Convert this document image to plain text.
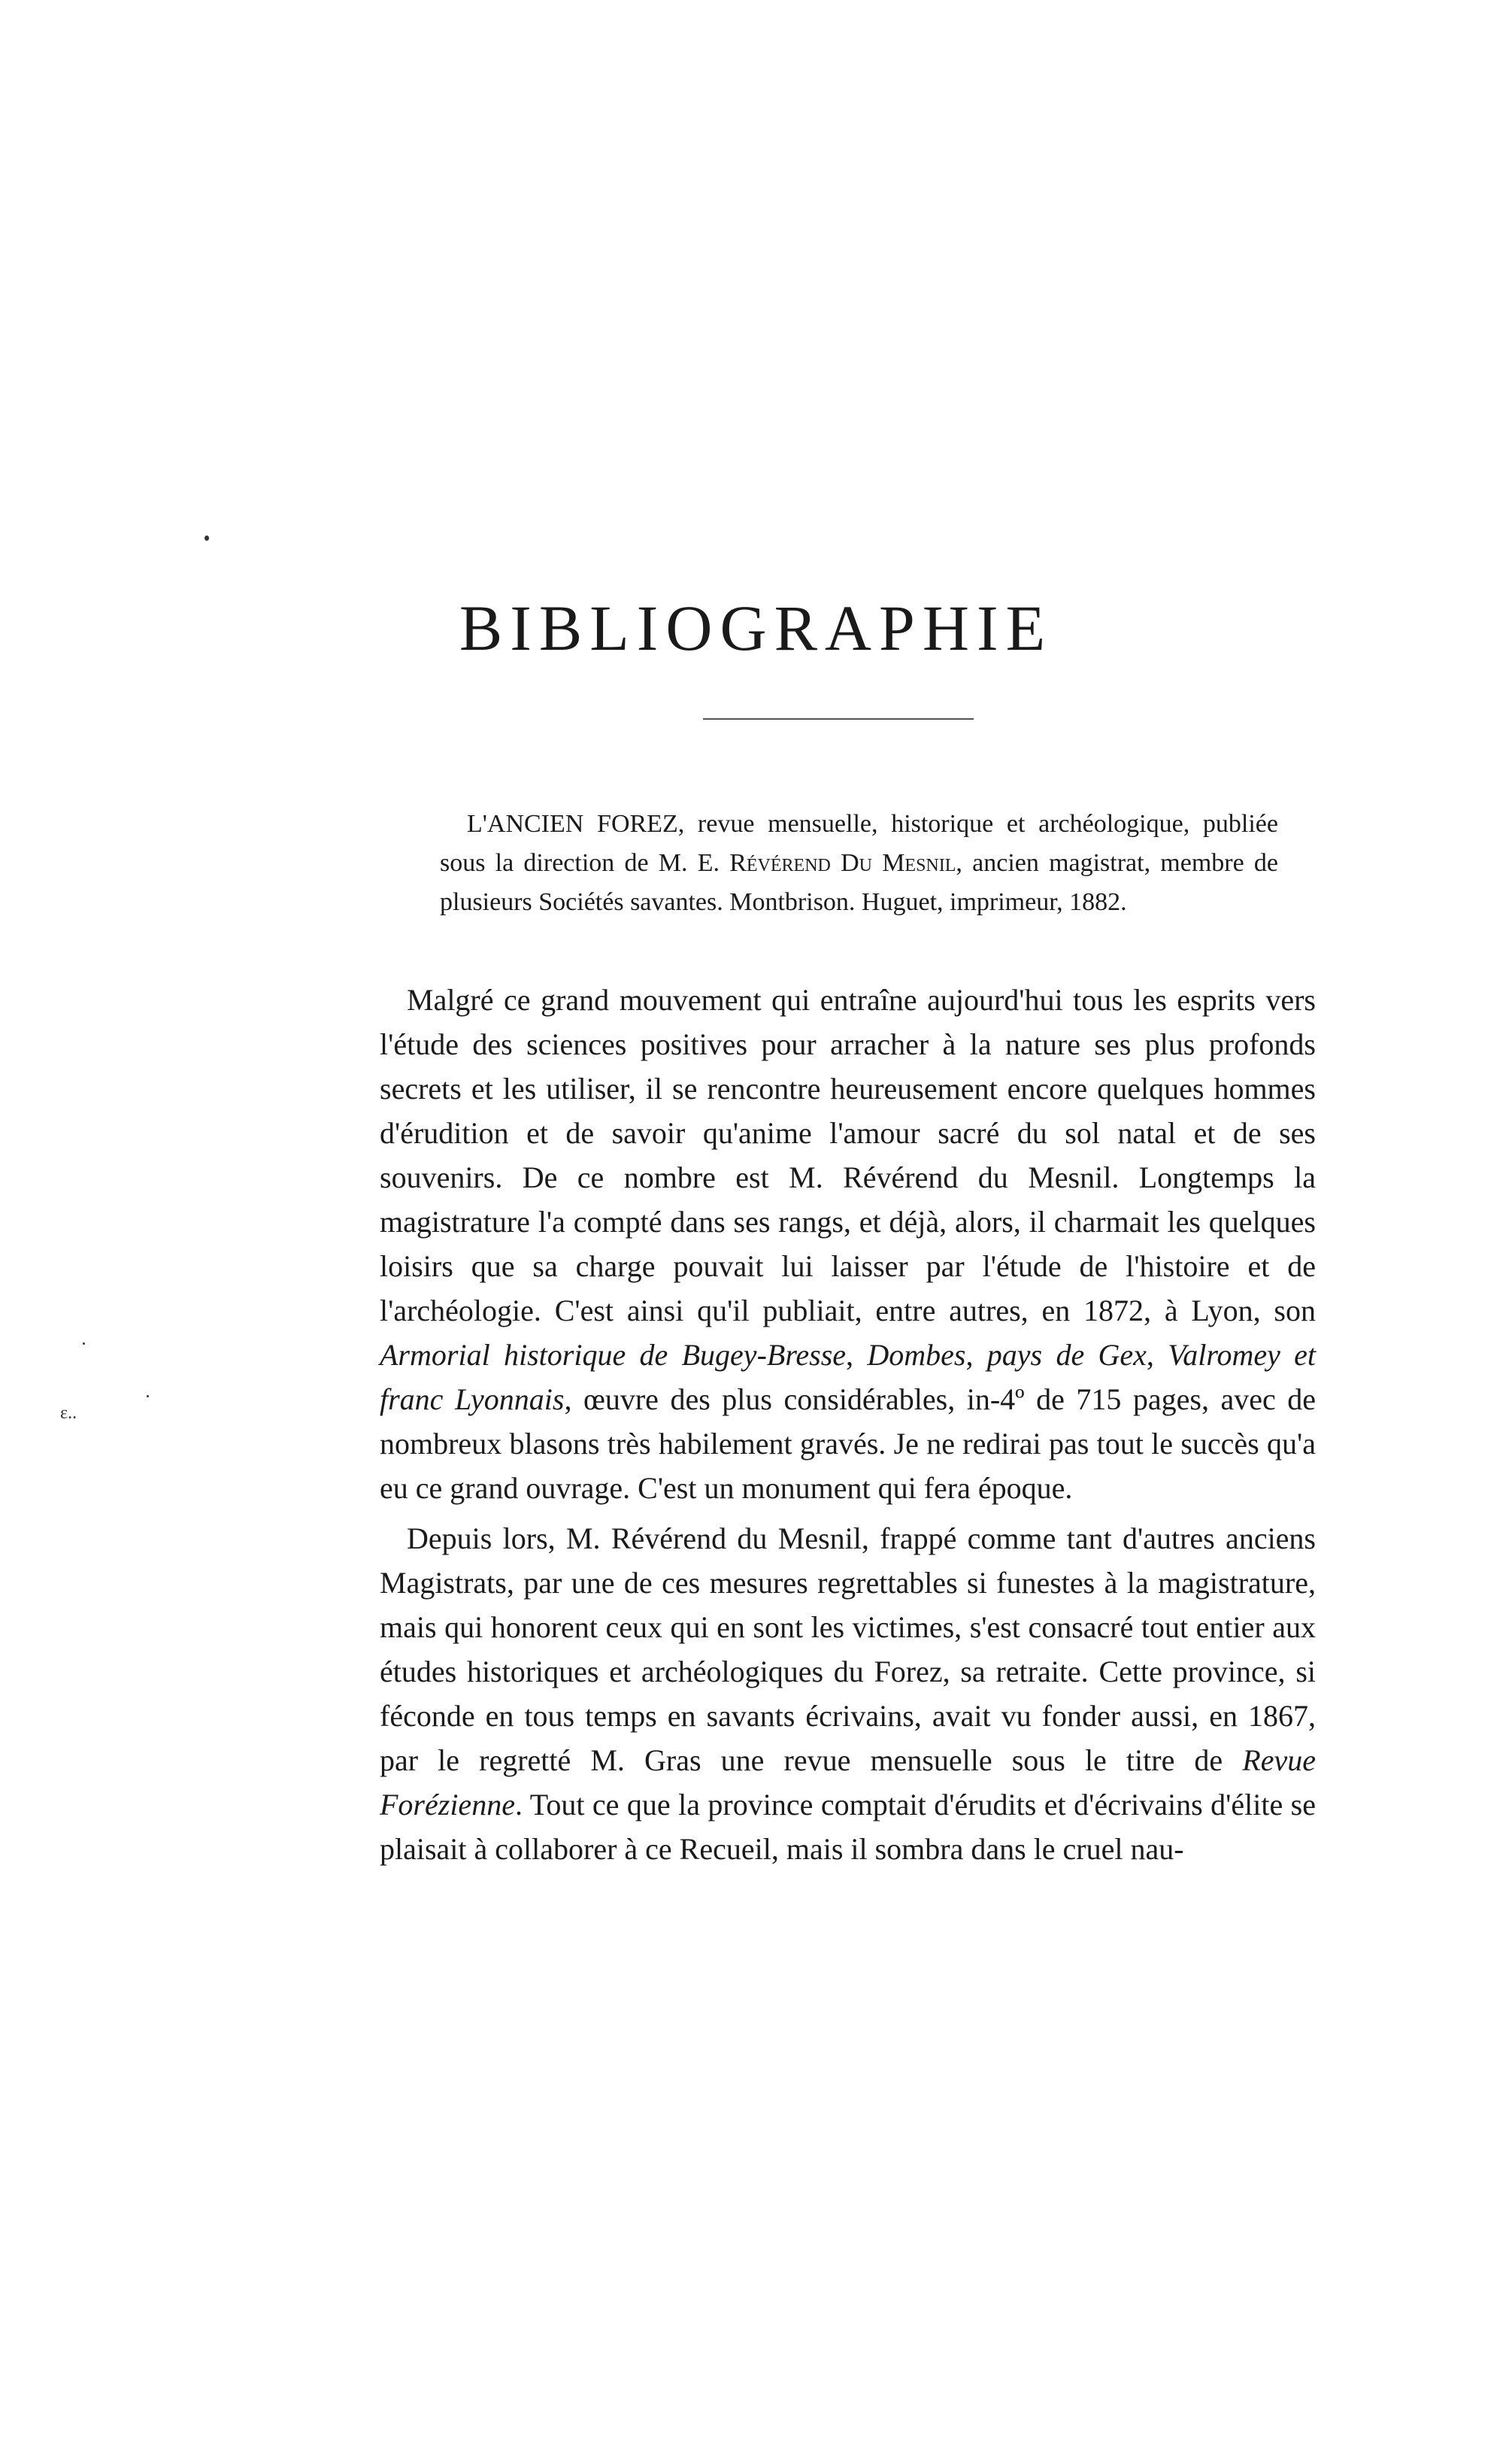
ɛ..
BIBLIOGRAPHIE

L'ANCIEN FOREZ, revue mensuelle, historique et archéologique, publiée sous la direction de M. E. Révérend Du Mesnil, ancien magistrat, membre de plusieurs Sociétés savantes. Montbrison. Huguet, imprimeur, 1882.

Malgré ce grand mouvement qui entraîne aujourd'hui tous les esprits vers l'étude des sciences positives pour arracher à la nature ses plus profonds secrets et les utiliser, il se rencontre heureusement encore quelques hommes d'érudition et de savoir qu'anime l'amour sacré du sol natal et de ses souvenirs. De ce nombre est M. Révérend du Mesnil. Longtemps la magistrature l'a compté dans ses rangs, et déjà, alors, il charmait les quelques loisirs que sa charge pouvait lui laisser par l'étude de l'histoire et de l'archéologie. C'est ainsi qu'il publiait, entre autres, en 1872, à Lyon, son Armorial historique de Bugey-Bresse, Dombes, pays de Gex, Valromey et franc Lyonnais, œuvre des plus considérables, in-4º de 715 pages, avec de nombreux blasons très habilement gravés. Je ne redirai pas tout le succès qu'a eu ce grand ouvrage. C'est un monument qui fera époque.

Depuis lors, M. Révérend du Mesnil, frappé comme tant d'autres anciens Magistrats, par une de ces mesures regrettables si funestes à la magistrature, mais qui honorent ceux qui en sont les victimes, s'est consacré tout entier aux études historiques et archéologiques du Forez, sa retraite. Cette province, si féconde en tous temps en savants écrivains, avait vu fonder aussi, en 1867, par le regretté M. Gras une revue mensuelle sous le titre de Revue Forézienne. Tout ce que la province comptait d'érudits et d'écrivains d'élite se plaisait à collaborer à ce Recueil, mais il sombra dans le cruel nau-
